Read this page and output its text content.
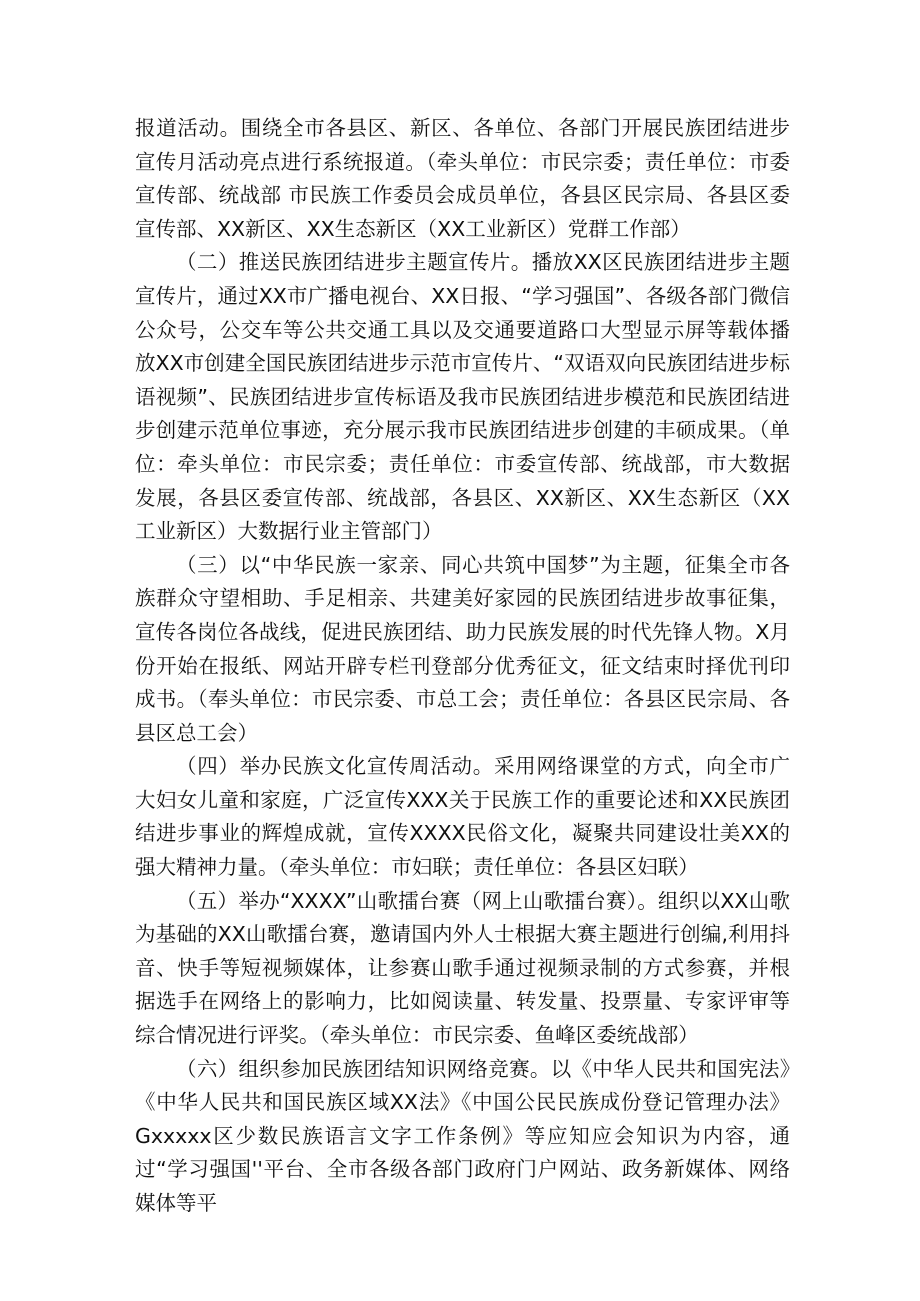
报道活动。围绕全市各县区、新区、各单位、各部门开展民族团结进步宣传月活动亮点进行系统报道。（牵头单位：市民宗委；责任单位：市委宣传部、统战部 市民族工作委员会成员单位，各县区民宗局、各县区委宣传部、XX新区、XX生态新区（XX工业新区）党群工作部）

（二）推送民族团结进步主题宣传片。播放XX区民族团结进步主题宣传片，通过XX市广播电视台、XX日报、“学习强国”、各级各部门微信公众号，公交车等公共交通工具以及交通要道路口大型显示屏等载体播放XX市创建全国民族团结进步示范市宣传片、“双语双向民族团结进步标语视频”、民族团结进步宣传标语及我市民族团结进步模范和民族团结进步创建示范单位事迹，充分展示我市民族团结进步创建的丰硕成果。（单位：牵头单位：市民宗委；责任单位：市委宣传部、统战部，市大数据发展，各县区委宣传部、统战部，各县区、XX新区、XX生态新区（XX工业新区）大数据行业主管部门）

（三）以“中华民族一家亲、同心共筑中国梦”为主题，征集全市各族群众守望相助、手足相亲、共建美好家园的民族团结进步故事征集，宣传各岗位各战线，促进民族团结、助力民族发展的时代先锋人物。X月份开始在报纸、网站开辟专栏刊登部分优秀征文，征文结束时择优刊印成书。（奉头单位：市民宗委、市总工会；责任单位：各县区民宗局、各县区总工会）

（四）举办民族文化宣传周活动。采用网络课堂的方式，向全市广大妇女儿童和家庭，广泛宣传XXX关于民族工作的重要论述和XX民族团结进步事业的辉煌成就，宣传XXXX民俗文化，凝聚共同建设壮美XX的强大精神力量。（牵头单位：市妇联；责任单位：各县区妇联）

（五）举办“XXXX”山歌擂台赛（网上山歌擂台赛）。组织以XX山歌为基础的XX山歌擂台赛，邀请国内外人士根据大赛主题进行创编,利用抖音、快手等短视频媒体，让参赛山歌手通过视频录制的方式参赛，并根据选手在网络上的影响力，比如阅读量、转发量、投票量、专家评审等综合情况进行评奖。（牵头单位：市民宗委、鱼峰区委统战部）

（六）组织参加民族团结知识网络竞赛。以《中华人民共和国宪法》《中华人民共和国民族区域XX法》《中国公民民族成份登记管理办法》Gxxxxx区少数民族语言文字工作条例》等应知应会知识为内容，通过“学习强国''平台、全市各级各部门政府门户网站、政务新媒体、网络媒体等平
